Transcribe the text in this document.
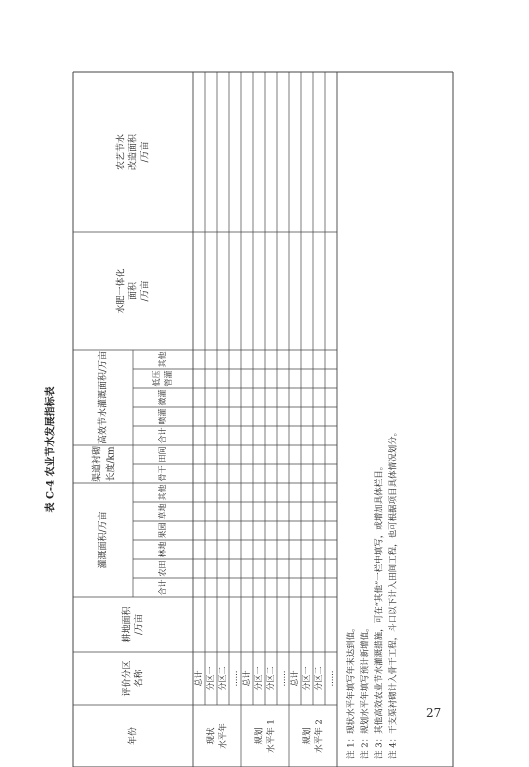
年份
评价分区 名称
耕地面积 /万亩
灌溉面积/万亩
合计
农田
林地
果园
草地
其他
渠道衬砌 长度/km	骨干
田间
高效节水灌溉面积/万亩	合计
喷灌
微灌
低压 管灌
其他
水肥一体化 面积 /万亩
农艺节水 改造面积 /万亩
现状 水平年
总计 分区一 分区二 ……
规划 水平年 1
总计 分区一 分区二 ……
规划 水平年 2
总计 分区一 分区二 …… 注 1：现状水平年填写年末达到值。 注 2：规划水平年填写预计新增值。 注 3：其他高效农业节水灌溉措施，可在“其他”一栏中填写，或增加具体栏目。 注 4：干支渠衬砌计入骨干工程，斗口以下计入田间工程，也可根据项目具体情况划分。
表 C-4 农业节水发展指标表
27
